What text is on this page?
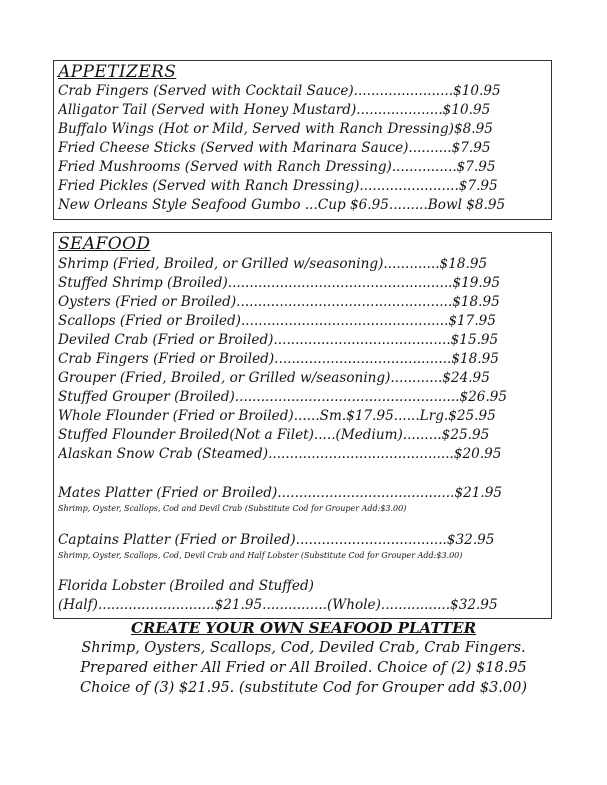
APPETIZERS
Crab Fingers (Served with Cocktail Sauce).......................$10.95
Alligator Tail (Served with Honey Mustard)....................$10.95
Buffalo Wings (Hot or Mild, Served with Ranch Dressing)$8.95
Fried Cheese Sticks (Served with Marinara Sauce)..........$7.95
Fried Mushrooms (Served with Ranch Dressing)...............$7.95
Fried Pickles (Served with Ranch Dressing).......................$7.95
New Orleans Style Seafood Gumbo ...Cup $6.95.........Bowl $8.95
SEAFOOD
Shrimp (Fried, Broiled, or Grilled w/seasoning).............$18.95
Stuffed Shrimp (Broiled)....................................................$19.95
Oysters (Fried or Broiled)..................................................$18.95
Scallops (Fried or Broiled)................................................$17.95
Deviled Crab (Fried or Broiled).........................................$15.95
Crab Fingers (Fried or Broiled).........................................$18.95
Grouper (Fried, Broiled, or Grilled w/seasoning)............$24.95
Stuffed Grouper (Broiled)....................................................$26.95
Whole Flounder (Fried or Broiled)......Sm.$17.95......Lrg.$25.95
Stuffed Flounder Broiled(Not a Filet).....(Medium).........$25.95
Alaskan Snow Crab (Steamed)...........................................$20.95
Mates Platter (Fried or Broiled).........................................$21.95
Shrimp, Oyster, Scallops, Cod and Devil Crab (Substitute Cod for Grouper Add:$3.00)
Captains Platter (Fried or Broiled)...................................$32.95
Shrimp, Oyster, Scallops, Cod, Devil Crab and Half Lobster (Substitute Cod for Grouper Add:$3.00)
Florida Lobster (Broiled and Stuffed)
(Half)...........................$21.95...............(Whole)................$32.95
CREATE YOUR OWN SEAFOOD PLATTER
Shrimp, Oysters, Scallops, Cod, Deviled Crab, Crab Fingers.
Prepared either All Fried or All Broiled. Choice of (2) $18.95
Choice of (3) $21.95. (substitute Cod for Grouper add $3.00)
